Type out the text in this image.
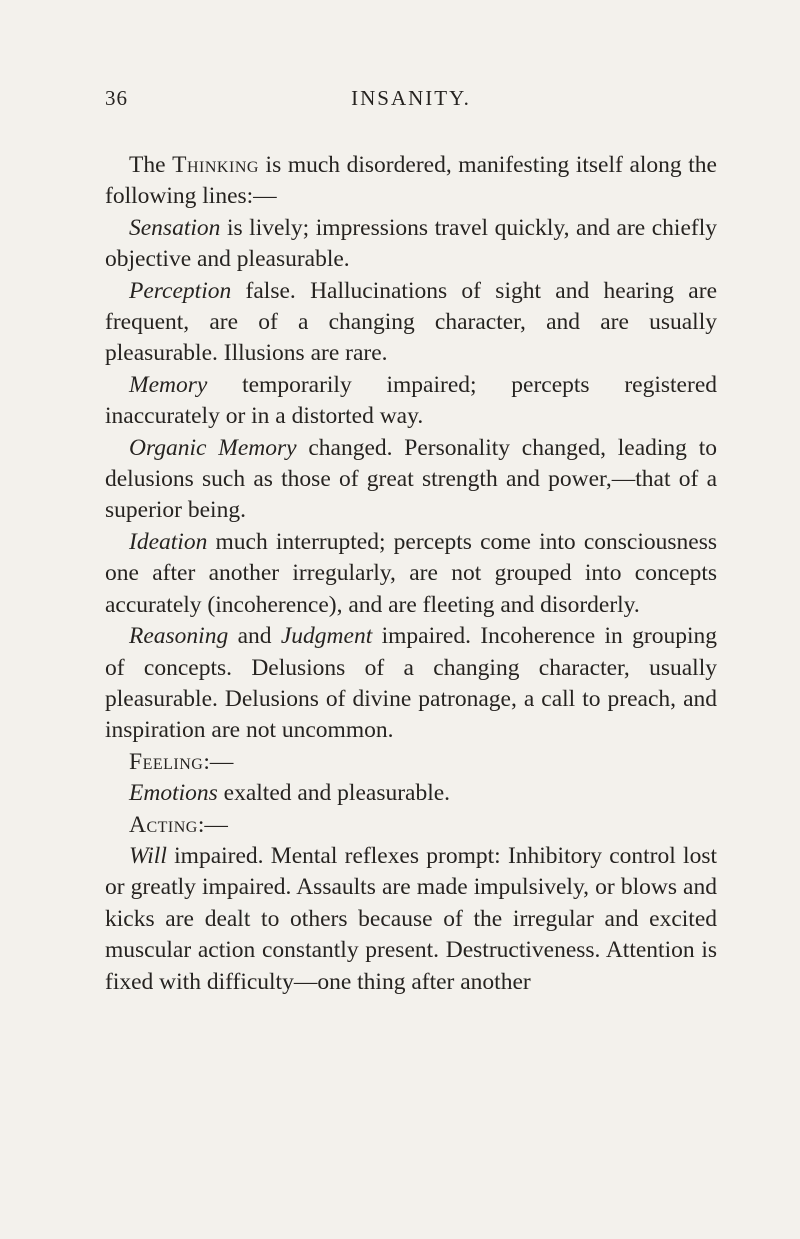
36	INSANITY.

The Thinking is much disordered, manifesting itself along the following lines:—

Sensation is lively; impressions travel quickly, and are chiefly objective and pleasurable.

Perception false. Hallucinations of sight and hearing are frequent, are of a changing character, and are usually pleasurable. Illusions are rare.

Memory temporarily impaired; percepts registered inaccurately or in a distorted way.

Organic Memory changed. Personality changed, leading to delusions such as those of great strength and power,—that of a superior being.

Ideation much interrupted; percepts come into consciousness one after another irregularly, are not grouped into concepts accurately (incoherence), and are fleeting and disorderly.

Reasoning and Judgment impaired. Incoherence in grouping of concepts. Delusions of a changing character, usually pleasurable. Delusions of divine patronage, a call to preach, and inspiration are not uncommon.

Feeling:—

Emotions exalted and pleasurable.

Acting:—

Will impaired. Mental reflexes prompt: Inhibitory control lost or greatly impaired. Assaults are made impulsively, or blows and kicks are dealt to others because of the irregular and excited muscular action constantly present. Destructiveness. Attention is fixed with difficulty—one thing after another
